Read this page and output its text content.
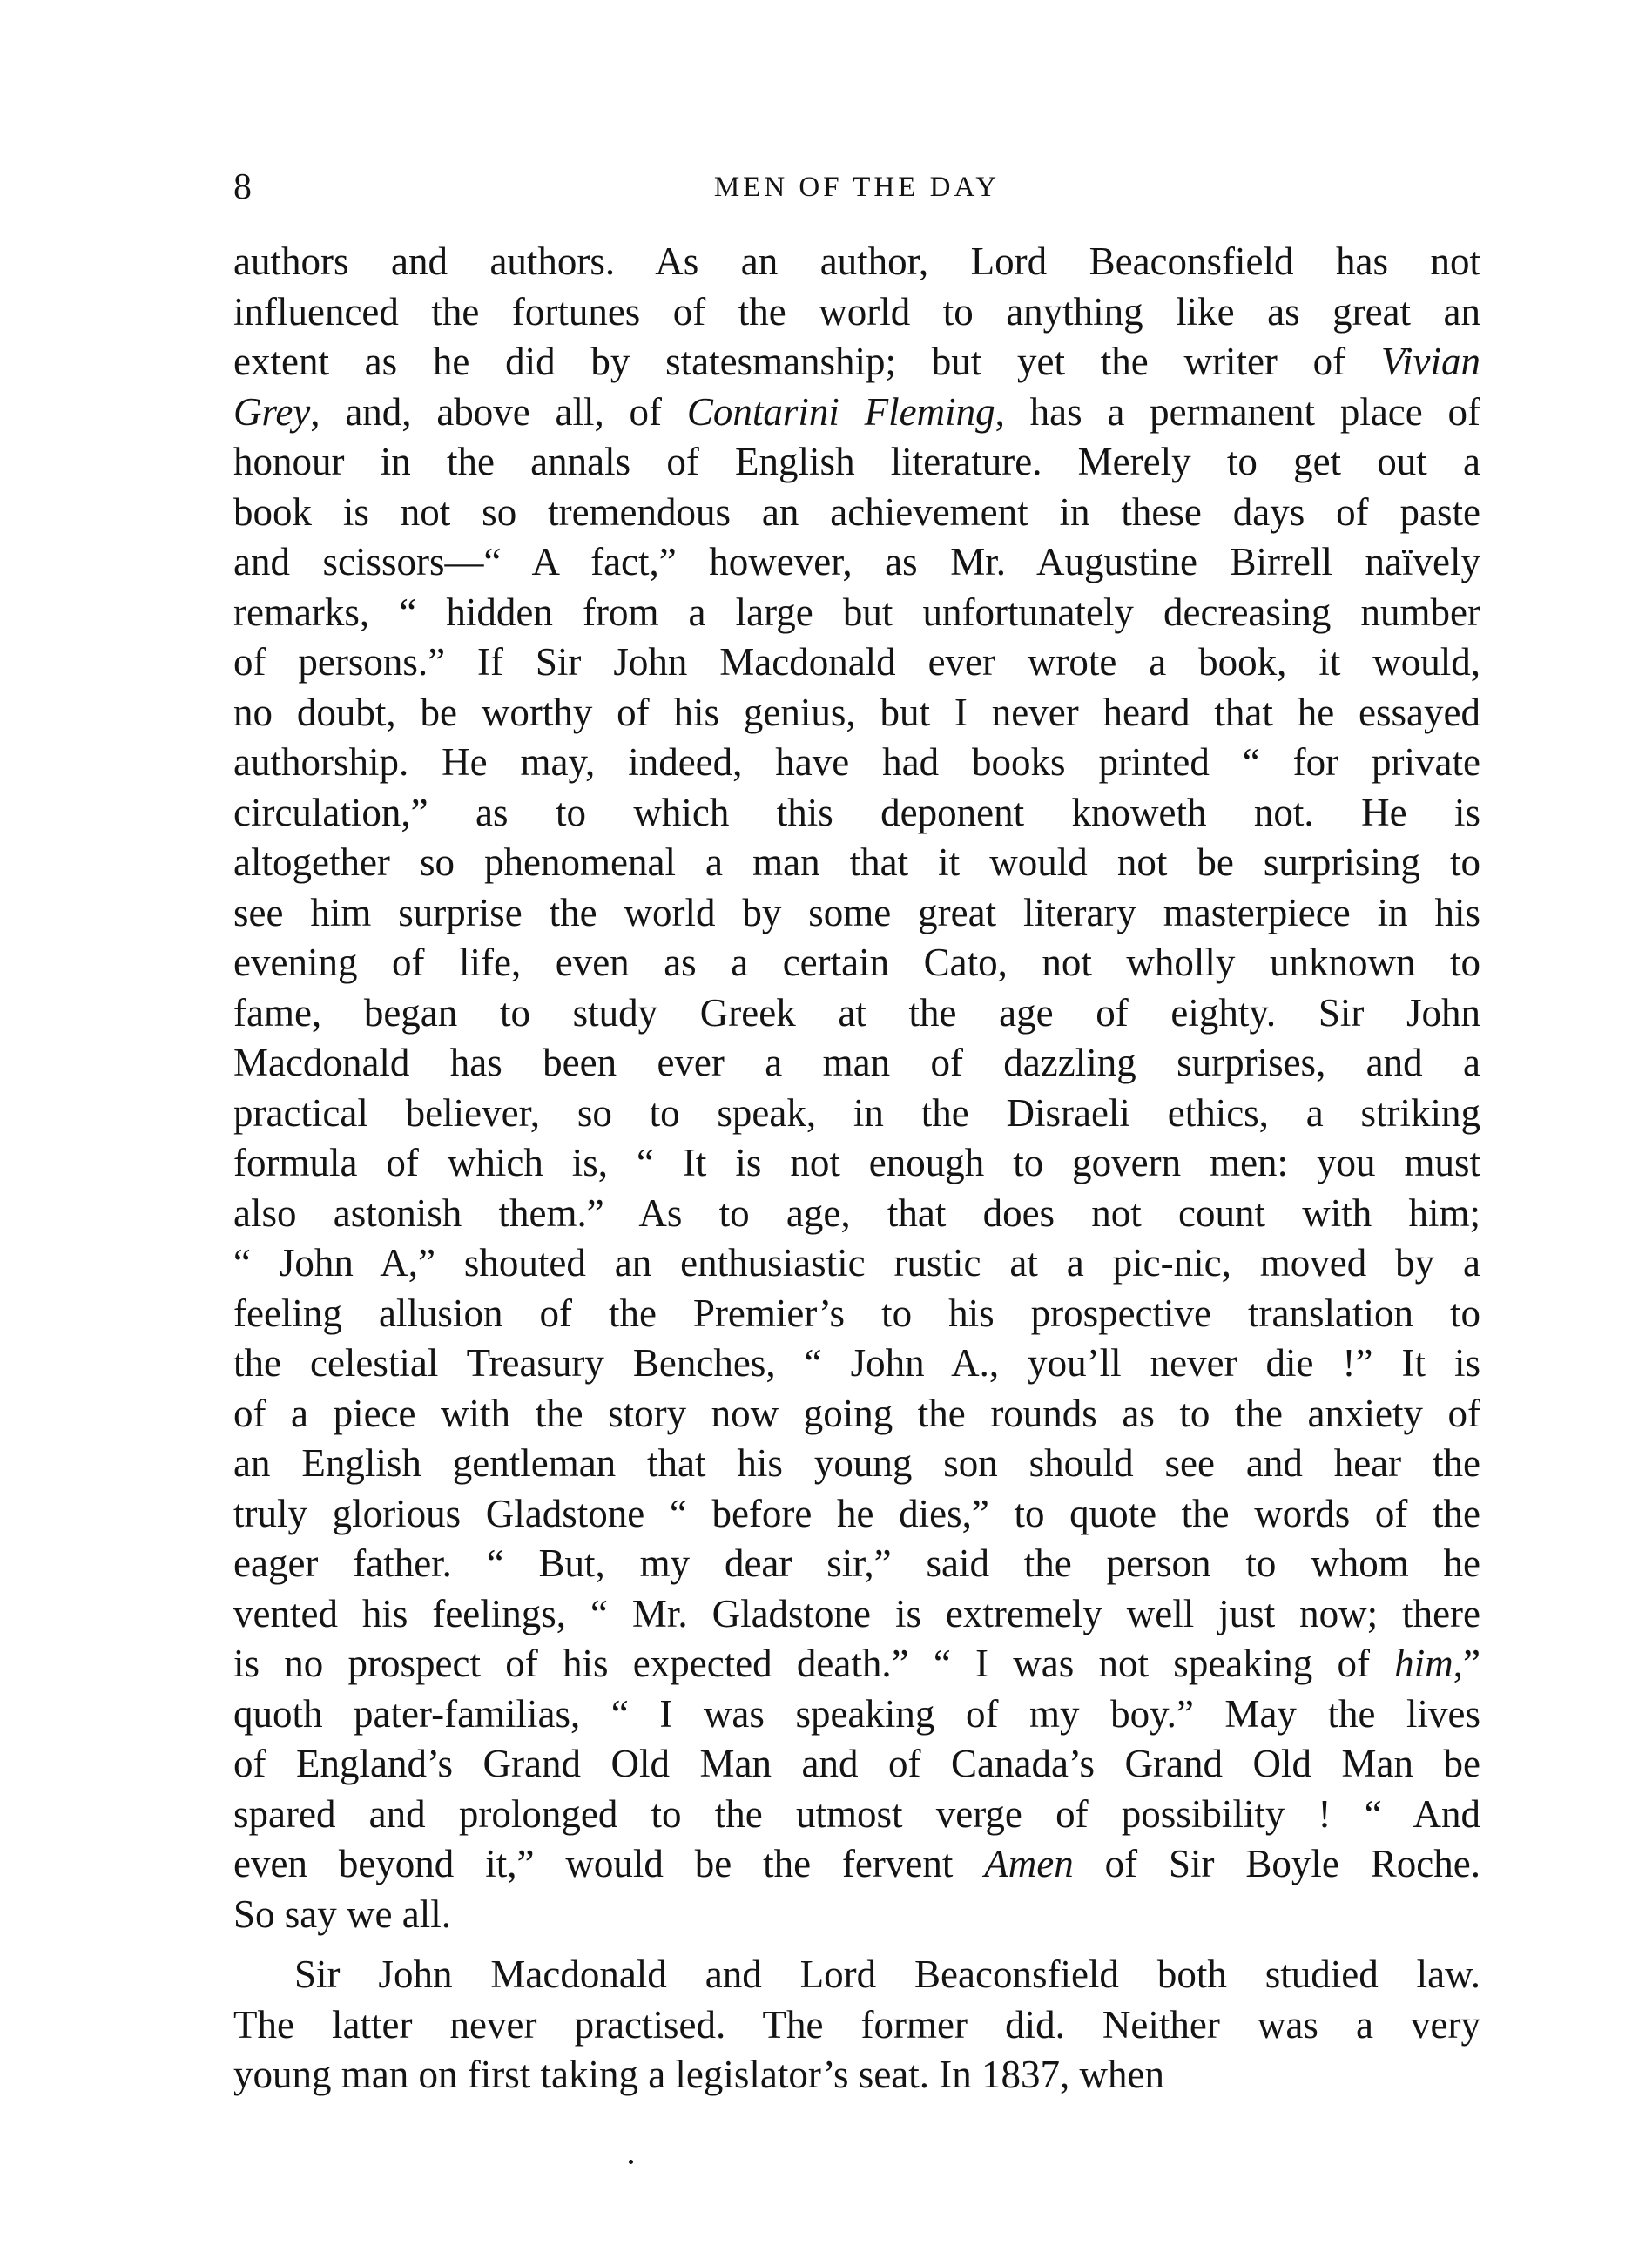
8	MEN OF THE DAY
authors and authors. As an author, Lord Beaconsfield has not
influenced the fortunes of the world to anything like as great an
extent as he did by statesmanship; but yet the writer of Vivian
Grey, and, above all, of Contarini Fleming, has a permanent place of
honour in the annals of English literature. Merely to get out a
book is not so tremendous an achievement in these days of paste
and scissors—“ A fact,” however, as Mr. Augustine Birrell naïvely
remarks, “ hidden from a large but unfortunately decreasing number
of persons.” If Sir John Macdonald ever wrote a book, it would,
no doubt, be worthy of his genius, but I never heard that he essayed
authorship. He may, indeed, have had books printed “ for private
circulation,” as to which this deponent knoweth not. He is
altogether so phenomenal a man that it would not be surprising to
see him surprise the world by some great literary masterpiece in his
evening of life, even as a certain Cato, not wholly unknown to
fame, began to study Greek at the age of eighty. Sir John
Macdonald has been ever a man of dazzling surprises, and a
practical believer, so to speak, in the Disraeli ethics, a striking
formula of which is, “ It is not enough to govern men: you must
also astonish them.” As to age, that does not count with him;
“ John A,” shouted an enthusiastic rustic at a pic-nic, moved by a
feeling allusion of the Premier’s to his prospective translation to
the celestial Treasury Benches, “ John A., you’ll never die !” It is
of a piece with the story now going the rounds as to the anxiety of
an English gentleman that his young son should see and hear the
truly glorious Gladstone “ before he dies,” to quote the words of the
eager father. “ But, my dear sir,” said the person to whom he
vented his feelings, “ Mr. Gladstone is extremely well just now; there
is no prospect of his expected death.” “ I was not speaking of him,”
quoth pater-familias, “ I was speaking of my boy.” May the lives
of England’s Grand Old Man and of Canada’s Grand Old Man be
spared and prolonged to the utmost verge of possibility ! “ And
even beyond it,” would be the fervent Amen of Sir Boyle Roche.
So say we all.
Sir John Macdonald and Lord Beaconsfield both studied law.
The latter never practised. The former did. Neither was a very
young man on first taking a legislator’s seat. In 1837, when
